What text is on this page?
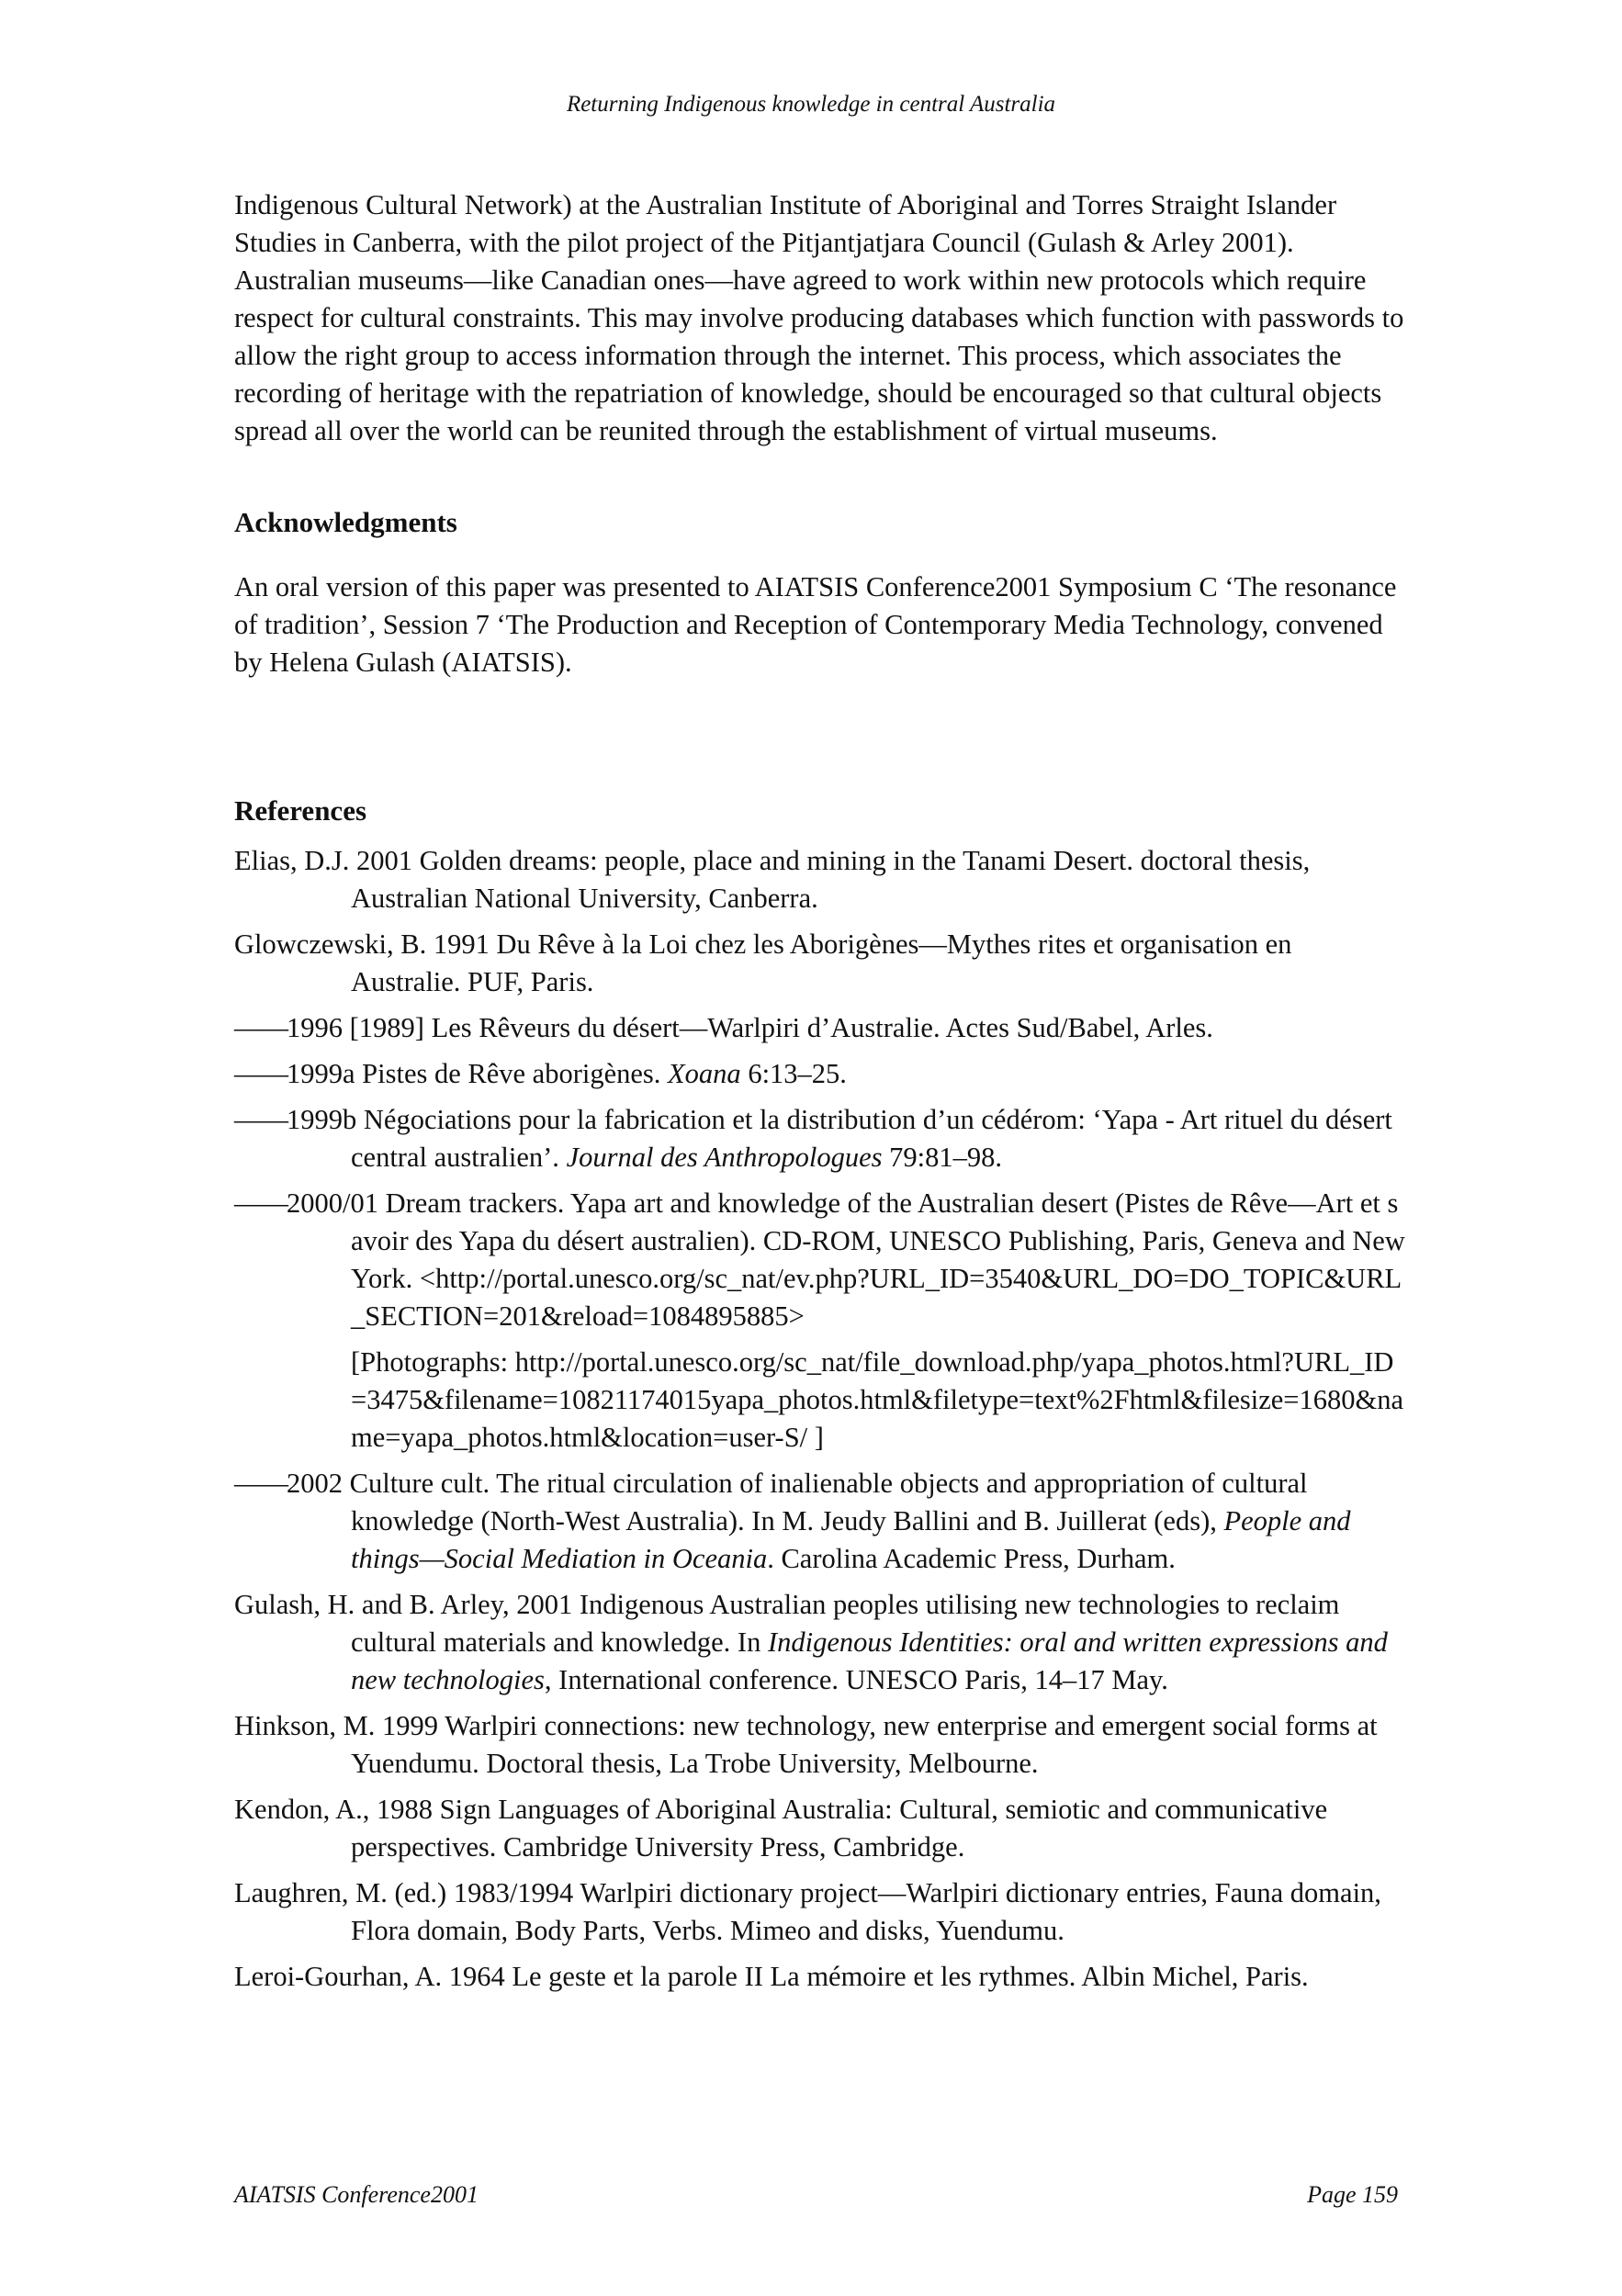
Returning Indigenous knowledge in central Australia

Indigenous Cultural Network) at the Australian Institute of Aboriginal and Torres Straight Islander Studies in Canberra, with the pilot project of the Pitjantjatjara Council (Gulash & Arley 2001). Australian museums—like Canadian ones—have agreed to work within new protocols which require respect for cultural constraints. This may involve producing databases which function with passwords to allow the right group to access information through the internet. This process, which associates the recording of heritage with the repatriation of knowledge, should be encouraged so that cultural objects spread all over the world can be reunited through the establishment of virtual museums.

Acknowledgments

An oral version of this paper was presented to AIATSIS Conference2001 Symposium C ‘The resonance of tradition’, Session 7 ‘The Production and Reception of Contemporary Media Technology, convened by Helena Gulash (AIATSIS).

References
Elias, D.J. 2001 Golden dreams: people, place and mining in the Tanami Desert. doctoral thesis, Australian National University, Canberra.
Glowczewski, B. 1991 Du Rêve à la Loi chez les Aborigènes—Mythes rites et organisation en Australie. PUF, Paris.
——1996 [1989] Les Rêveurs du désert—Warlpiri d’Australie. Actes Sud/Babel, Arles.
——1999a Pistes de Rêve aborigènes. Xoana 6:13–25.
——1999b Négociations pour la fabrication et la distribution d’un cédérom: ‘Yapa - Art rituel du désert central australien’. Journal des Anthropologues 79:81–98.
——2000/01 Dream trackers. Yapa art and knowledge of the Australian desert (Pistes de Rêve—Art et savoir des Yapa du désert australien). CD-ROM, UNESCO Publishing, Paris, Geneva and New York. <http://portal.unesco.org/sc_nat/ev.php?URL_ID=3540&URL_DO=DO_TOPIC&URL_SECTION=201&reload=1084895885>
[Photographs: http://portal.unesco.org/sc_nat/file_download.php/yapa_photos.html?URL_ID=3475&filename=10821174015yapa_photos.html&filetype=text%2Fhtml&filesize=1680&name=yapa_photos.html&location=user-S/ ]
——2002 Culture cult. The ritual circulation of inalienable objects and appropriation of cultural knowledge (North-West Australia). In M. Jeudy Ballini and B. Juillerat (eds), People and things—Social Mediation in Oceania. Carolina Academic Press, Durham.
Gulash, H. and B. Arley, 2001 Indigenous Australian peoples utilising new technologies to reclaim cultural materials and knowledge. In Indigenous Identities: oral and written expressions and new technologies, International conference. UNESCO Paris, 14–17 May.
Hinkson, M. 1999 Warlpiri connections: new technology, new enterprise and emergent social forms at Yuendumu. Doctoral thesis, La Trobe University, Melbourne.
Kendon, A., 1988 Sign Languages of Aboriginal Australia: Cultural, semiotic and communicative perspectives. Cambridge University Press, Cambridge.
Laughren, M. (ed.) 1983/1994 Warlpiri dictionary project—Warlpiri dictionary entries, Fauna domain, Flora domain, Body Parts, Verbs. Mimeo and disks, Yuendumu.
Leroi-Gourhan, A. 1964 Le geste et la parole II La mémoire et les rythmes. Albin Michel, Paris.
AIATSIS Conference2001	Page 159
